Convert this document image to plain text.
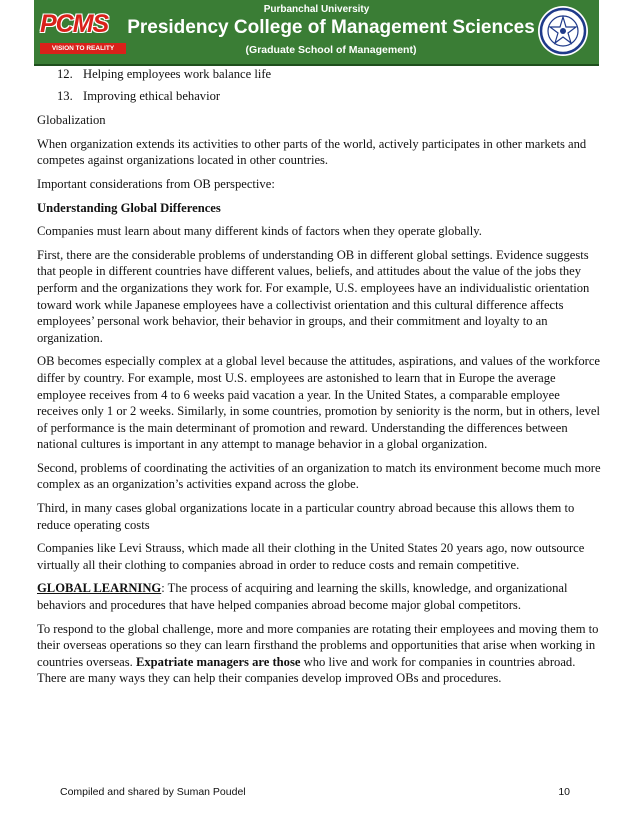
PCMS
VISION TO REALITY
Purbanchal University
Presidency College of Management Sciences
(Graduate School of Management)
12. Helping employees work balance life
13. Improving ethical behavior

Globalization

When organization extends its activities to other parts of the world, actively participates in other markets and competes against organizations located in other countries.

Important considerations from OB perspective:

Understanding Global Differences

Companies must learn about many different kinds of factors when they operate globally.

First, there are the considerable problems of understanding OB in different global settings. Evidence suggests that people in different countries have different values, beliefs, and attitudes about the value of the jobs they perform and the organizations they work for. For example, U.S. employees have an individualistic orientation toward work while Japanese employees have a collectivist orientation and this cultural difference affects employees’ personal work behavior, their behavior in groups, and their commitment and loyalty to an organization.

OB becomes especially complex at a global level because the attitudes, aspirations, and values of the workforce differ by country. For example, most U.S. employees are astonished to learn that in Europe the average employee receives from 4 to 6 weeks paid vacation a year. In the United States, a comparable employee receives only 1 or 2 weeks. Similarly, in some countries, promotion by seniority is the norm, but in others, level of performance is the main determinant of promotion and reward. Understanding the differences between national cultures is important in any attempt to manage behavior in a global organization.

Second, problems of coordinating the activities of an organization to match its environment become much more complex as an organization’s activities expand across the globe.

Third, in many cases global organizations locate in a particular country abroad because this allows them to reduce operating costs

Companies like Levi Strauss, which made all their clothing in the United States 20 years ago, now outsource virtually all their clothing to companies abroad in order to reduce costs and remain competitive.

GLOBAL LEARNING: The process of acquiring and learning the skills, knowledge, and organizational behaviors and procedures that have helped companies abroad become major global competitors.

To respond to the global challenge, more and more companies are rotating their employees and moving them to their overseas operations so they can learn firsthand the problems and opportunities that arise when working in countries overseas. Expatriate managers are those who live and work for companies in countries abroad. There are many ways they can help their companies develop improved OBs and procedures.

Compiled and shared by Suman Poudel	10
